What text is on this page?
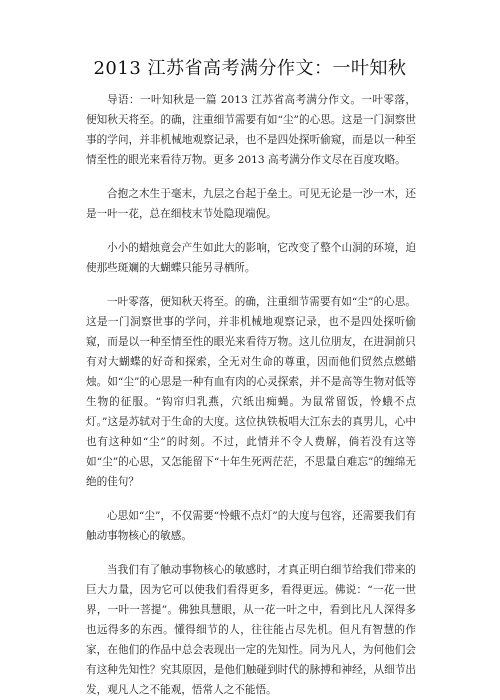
2013 江苏省高考满分作文：一叶知秋

导语：一叶知秋是一篇 2013 江苏省高考满分作文。一叶零落，便知秋天将至。的确，注重细节需要有如“尘”的心思。这是一门洞察世事的学问，并非机械地观察记录，也不是四处探听偷窥，而是以一种至情至性的眼光来看待万物。更多 2013 高考满分作文尽在百度攻略。

合抱之木生于毫末，九层之台起于垒土。可见无论是一沙一木，还是一叶一花，总在细枝末节处隐现端倪。

小小的蜡烛竟会产生如此大的影响，它改变了整个山洞的环境，迫使那些斑斓的大蝴蝶只能另寻栖所。

一叶零落，便知秋天将至。的确，注重细节需要有如“尘”的心思。这是一门洞察世事的学问，并非机械地观察记录，也不是四处探听偷窥，而是以一种至情至性的眼光来看待万物。这儿位朋友，在进洞前只有对大蝴蝶的好奇和探索，全无对生命的尊重，因而他们贸然点燃蜡烛。如“尘”的心思是一种有血有肉的心灵探索，并不是高等生物对低等生物的征服。“钩帘归乳燕，穴纸出痴蝇。为鼠常留饭，怜蛾不点灯。”这是苏轼对于生命的大度。这位执铁板唱大江东去的真男儿，心中也有这种如“尘”的时刻。不过，此情并不令人费解，倘若没有这等如“尘”的心思，又怎能留下“十年生死两茫茫，不思量自难忘”的缠绵无绝的佳句？

心思如“尘”，不仅需要“怜蛾不点灯”的大度与包容，还需要我们有触动事物核心的敏感。

当我们有了触动事物核心的敏感时，才真正明白细节给我们带来的巨大力量，因为它可以使我们看得更多，看得更远。佛说：“一花一世界，一叶一菩提”。佛独具慧眼，从一花一叶之中，看到比凡人深得多也远得多的东西。懂得细节的人，往往能占尽先机。但凡有智慧的作家，在他们的作品中总会表现出一定的先知性。同为凡人，为何他们会有这种先知性？究其原因，是他们触碰到时代的脉搏和神经，从细节出发，观凡人之不能观，悟常人之不能悟。
